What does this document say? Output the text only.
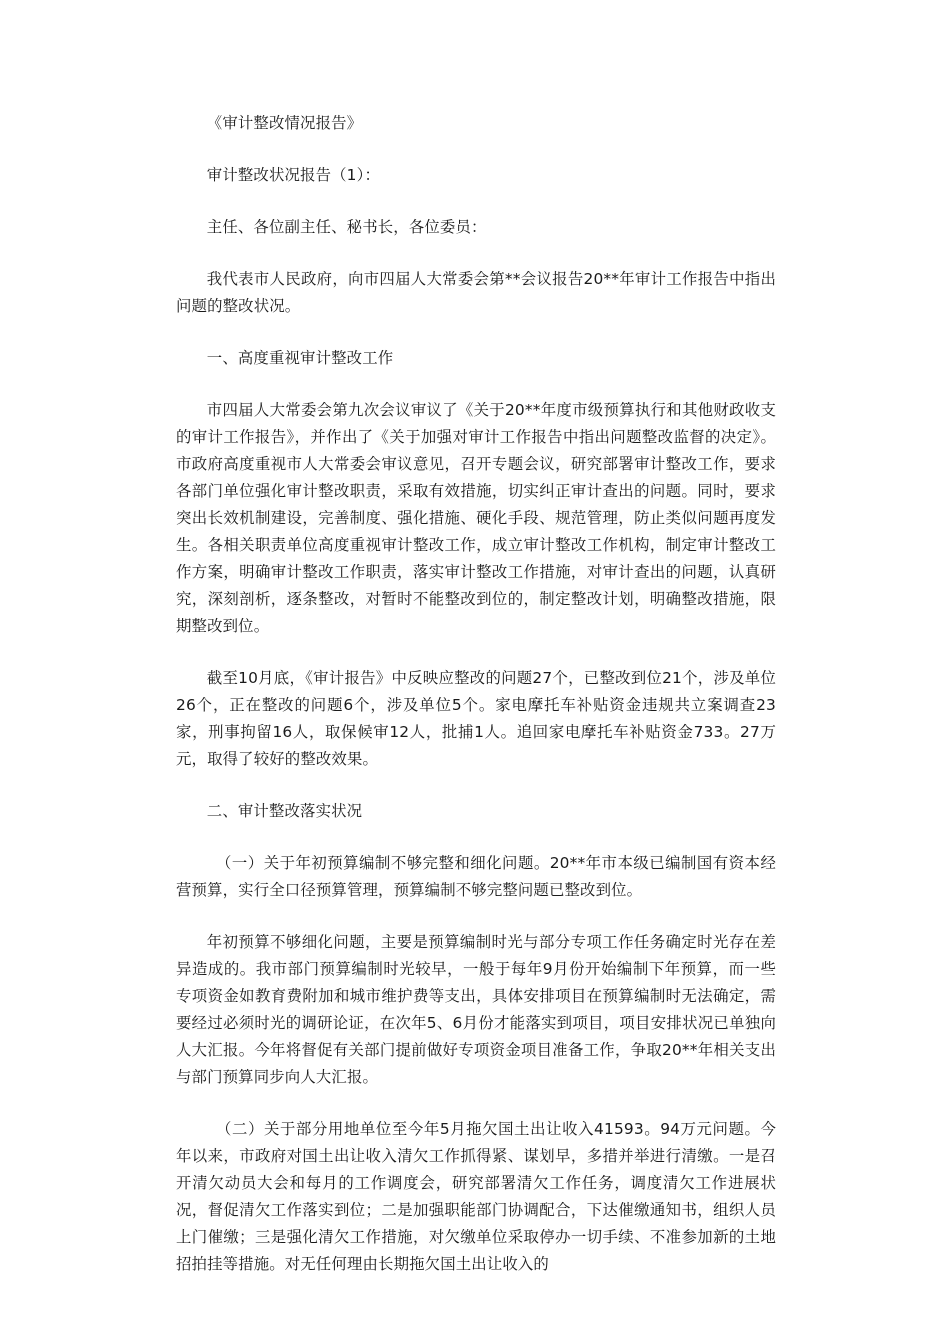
《审计整改情况报告》

审计整改状况报告（1）：

主任、各位副主任、秘书长，各位委员：

我代表市人民政府，向市四届人大常委会第**会议报告20**年审计工作报告中指出问题的整改状况。

一、高度重视审计整改工作

市四届人大常委会第九次会议审议了《关于20**年度市级预算执行和其他财政收支的审计工作报告》，并作出了《关于加强对审计工作报告中指出问题整改监督的决定》。市政府高度重视市人大常委会审议意见，召开专题会议，研究部署审计整改工作，要求各部门单位强化审计整改职责，采取有效措施，切实纠正审计查出的问题。同时，要求突出长效机制建设，完善制度、强化措施、硬化手段、规范管理，防止类似问题再度发生。各相关职责单位高度重视审计整改工作，成立审计整改工作机构，制定审计整改工作方案，明确审计整改工作职责，落实审计整改工作措施，对审计查出的问题，认真研究，深刻剖析，逐条整改，对暂时不能整改到位的，制定整改计划，明确整改措施，限期整改到位。

截至10月底，《审计报告》中反映应整改的问题27个，已整改到位21个，涉及单位26个，正在整改的问题6个，涉及单位5个。家电摩托车补贴资金违规共立案调查23家，刑事拘留16人，取保候审12人，批捕1人。追回家电摩托车补贴资金733。27万元，取得了较好的整改效果。

二、审计整改落实状况

（一）关于年初预算编制不够完整和细化问题。20**年市本级已编制国有资本经营预算，实行全口径预算管理，预算编制不够完整问题已整改到位。

年初预算不够细化问题，主要是预算编制时光与部分专项工作任务确定时光存在差异造成的。我市部门预算编制时光较早，一般于每年9月份开始编制下年预算，而一些专项资金如教育费附加和城市维护费等支出，具体安排项目在预算编制时无法确定，需要经过必须时光的调研论证，在次年5、6月份才能落实到项目，项目安排状况已单独向人大汇报。今年将督促有关部门提前做好专项资金项目准备工作，争取20**年相关支出与部门预算同步向人大汇报。

（二）关于部分用地单位至今年5月拖欠国土出让收入41593。94万元问题。今年以来，市政府对国土出让收入清欠工作抓得紧、谋划早，多措并举进行清缴。一是召开清欠动员大会和每月的工作调度会，研究部署清欠工作任务，调度清欠工作进展状况，督促清欠工作落实到位；二是加强职能部门协调配合，下达催缴通知书，组织人员上门催缴；三是强化清欠工作措施，对欠缴单位采取停办一切手续、不准参加新的土地招拍挂等措施。对无任何理由长期拖欠国土出让收入的
